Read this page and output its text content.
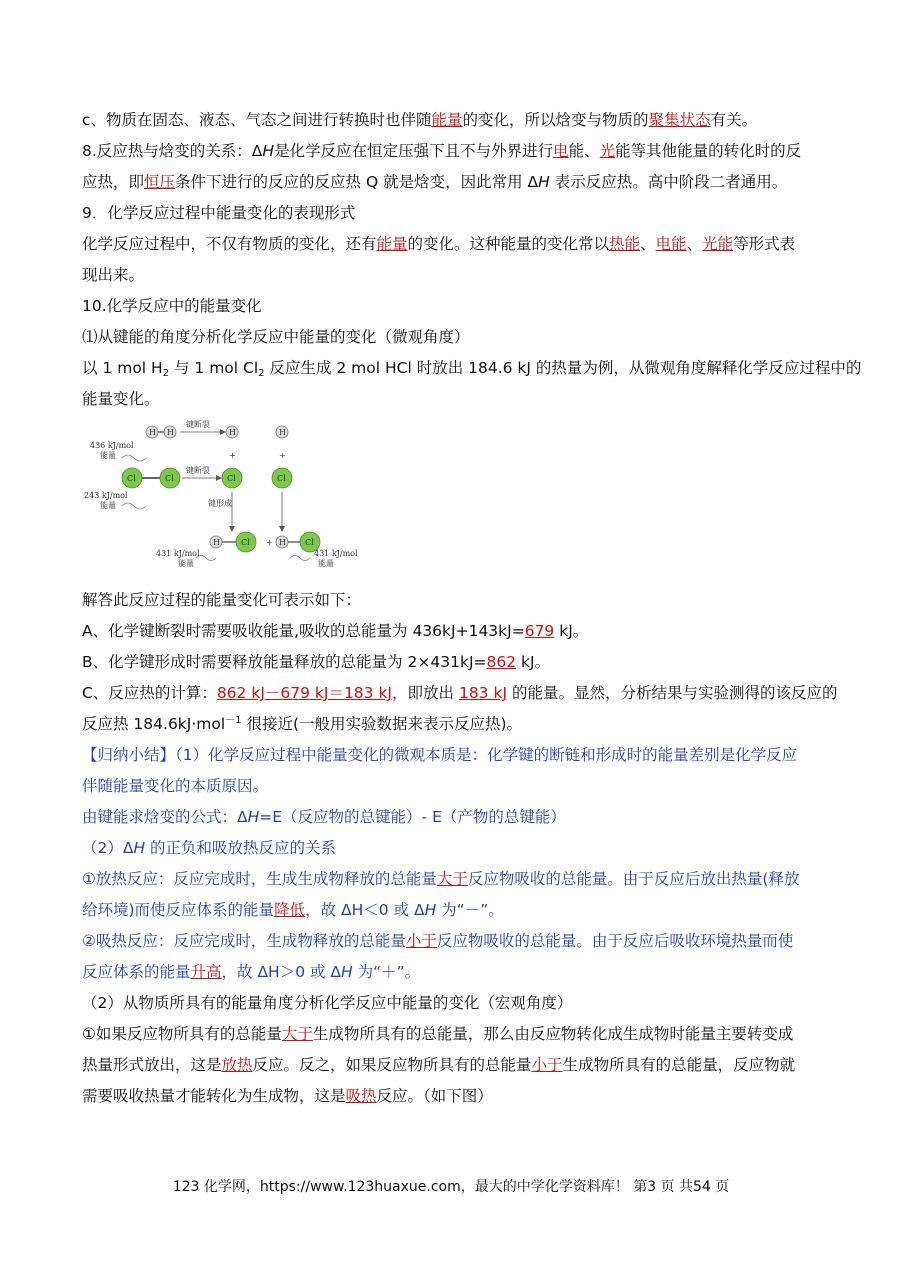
c、物质在固态、液态、气态之间进行转换时也伴随能量的变化，所以焓变与物质的聚集状态有关。
8.反应热与焓变的关系：ΔH是化学反应在恒定压强下且不与外界进行电能、光能等其他能量的转化时的反
应热，即恒压条件下进行的反应的反应热 Q 就是焓变，因此常用 ΔH 表示反应热。高中阶段二者通用。
9．化学反应过程中能量变化的表现形式
化学反应过程中，不仅有物质的变化，还有能量的变化。这种能量的变化常以热能、电能、光能等形式表
现出来。
10.化学反应中的能量变化
⑴从键能的角度分析化学反应中能量的变化（微观角度）
以 1 mol $H_2$ 与 1 mol $Cl_2$ 反应生成 2 mol HCl 时放出 184.6 kJ 的热量为例，从微观角度解释化学反应过程中的
能量变化。
解答此反应过程的能量变化可表示如下：
A、化学键断裂时需要吸收能量,吸收的总能量为 436kJ+143kJ=679 kJ。
B、化学键形成时需要释放能量释放的总能量为 2×431kJ=862 kJ。
C、反应热的计算：862 kJ－679 kJ＝183 kJ，即放出 183 kJ 的能量。显然，分析结果与实验测得的该反应的
反应热 184.6kJ·mol$^{-1}$ 很接近(一般用实验数据来表示反应热)。
【归纳小结】（1）化学反应过程中能量变化的微观本质是：化学键的断链和形成时的能量差别是化学反应
伴随能量变化的本质原因。
由键能求焓变的公式：ΔH=E（反应物的总键能）- E（产物的总键能）
（2）ΔH 的正负和吸放热反应的关系
①放热反应：反应完成时，生成生成物释放的总能量大于反应物吸收的总能量。由于反应后放出热量(释放
给环境)而使反应体系的能量降低，故 ΔH＜0 或 ΔH 为“－”。
②吸热反应：反应完成时，生成物释放的总能量小于反应物吸收的总能量。由于反应后吸收环境热量而使
反应体系的能量升高，故 ΔH＞0 或 ΔH 为“＋”。
（2）从物质所具有的能量角度分析化学反应中能量的变化（宏观角度）
①如果反应物所具有的总能量大于生成物所具有的总能量，那么由反应物转化成生成物时能量主要转变成
热量形式放出，这是放热反应。反之，如果反应物所具有的总能量小于生成物所具有的总能量，反应物就
需要吸收热量才能转化为生成物，这是吸热反应。（如下图）
H H
键断裂
H	H
436 kJ/mol
能量	+	+
Cl	Cl
键断裂
Cl	Cl
243 kJ/mol
能量	键形成
H	Cl + H Cl
431 kJ/mol
能量
431 kJ/mol
能量
123 化学网，https://www.123huaxue.com，最大的中学化学资料库！ 第3 页 共54 页
